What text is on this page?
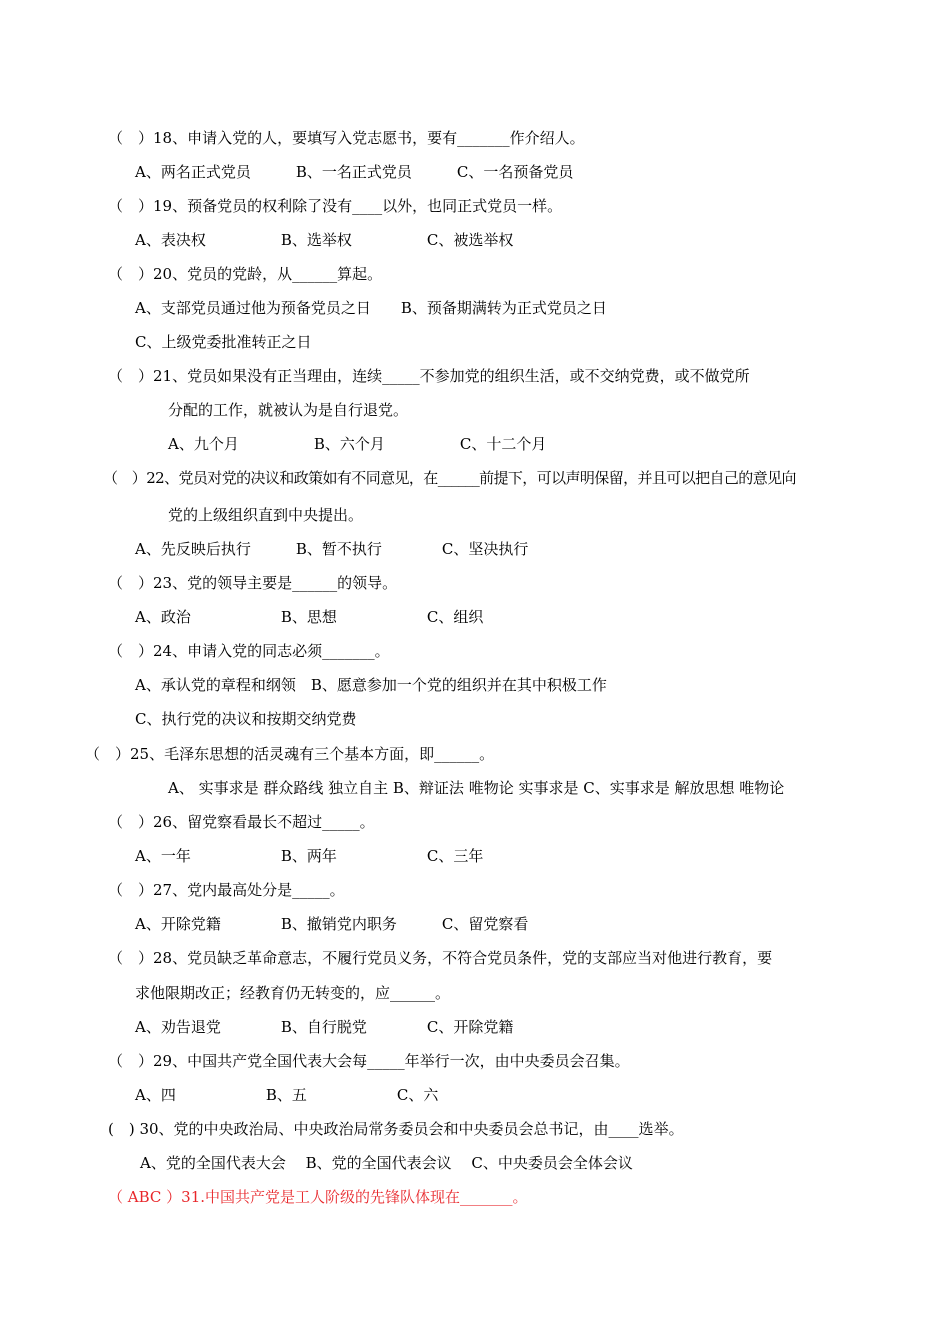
（　）18、申请入党的人，要填写入党志愿书，要有_______作介绍人。
A、两名正式党员　　　B、一名正式党员　　　C、一名预备党员
（　）19、预备党员的权利除了没有____以外，也同正式党员一样。
A、表决权　　　　　B、选举权　　　　　C、被选举权
（　）20、党员的党龄，从______算起。
A、支部党员通过他为预备党员之日　　B、预备期满转为正式党员之日
C、上级党委批准转正之日
（　）21、党员如果没有正当理由，连续_____不参加党的组织生活，或不交纳党费，或不做党所
分配的工作，就被认为是自行退党。
A、九个月　　　　　B、六个月　　　　　C、十二个月
（　）22、党员对党的决议和政策如有不同意见，在______前提下，可以声明保留，并且可以把自己的意见向
党的上级组织直到中央提出。
A、先反映后执行　　　B、暂不执行　　　　C、坚决执行
（　）23、党的领导主要是______的领导。
A、政治　　　　　　B、思想　　　　　　C、组织
（　）24、申请入党的同志必须_______。
A、承认党的章程和纲领　B、愿意参加一个党的组织并在其中积极工作
C、执行党的决议和按期交纳党费
（　）25、毛泽东思想的活灵魂有三个基本方面，即______。
A、 实事求是 群众路线 独立自主 B、辩证法 唯物论 实事求是 C、实事求是 解放思想 唯物论
（　）26、留党察看最长不超过_____。
A、一年　　　　　　B、两年　　　　　　C、三年
（　）27、党内最高处分是_____。
A、开除党籍　　　　B、撤销党内职务　　　C、留党察看
（　）28、党员缺乏革命意志，不履行党员义务，不符合党员条件，党的支部应当对他进行教育，要
求他限期改正；经教育仍无转变的，应______。
A、劝告退党　　　　B、自行脱党　　　　C、开除党籍
（　）29、中国共产党全国代表大会每_____年举行一次，由中央委员会召集。
A、四　　　　　　B、五　　　　　　C、六
(　) 30、党的中央政治局、中央政治局常务委员会和中央委员会总书记，由____选举。
A、党的全国代表大会　 B、党的全国代表会议　 C、中央委员会全体会议
（ ABC ）31.中国共产党是工人阶级的先锋队体现在_______。
